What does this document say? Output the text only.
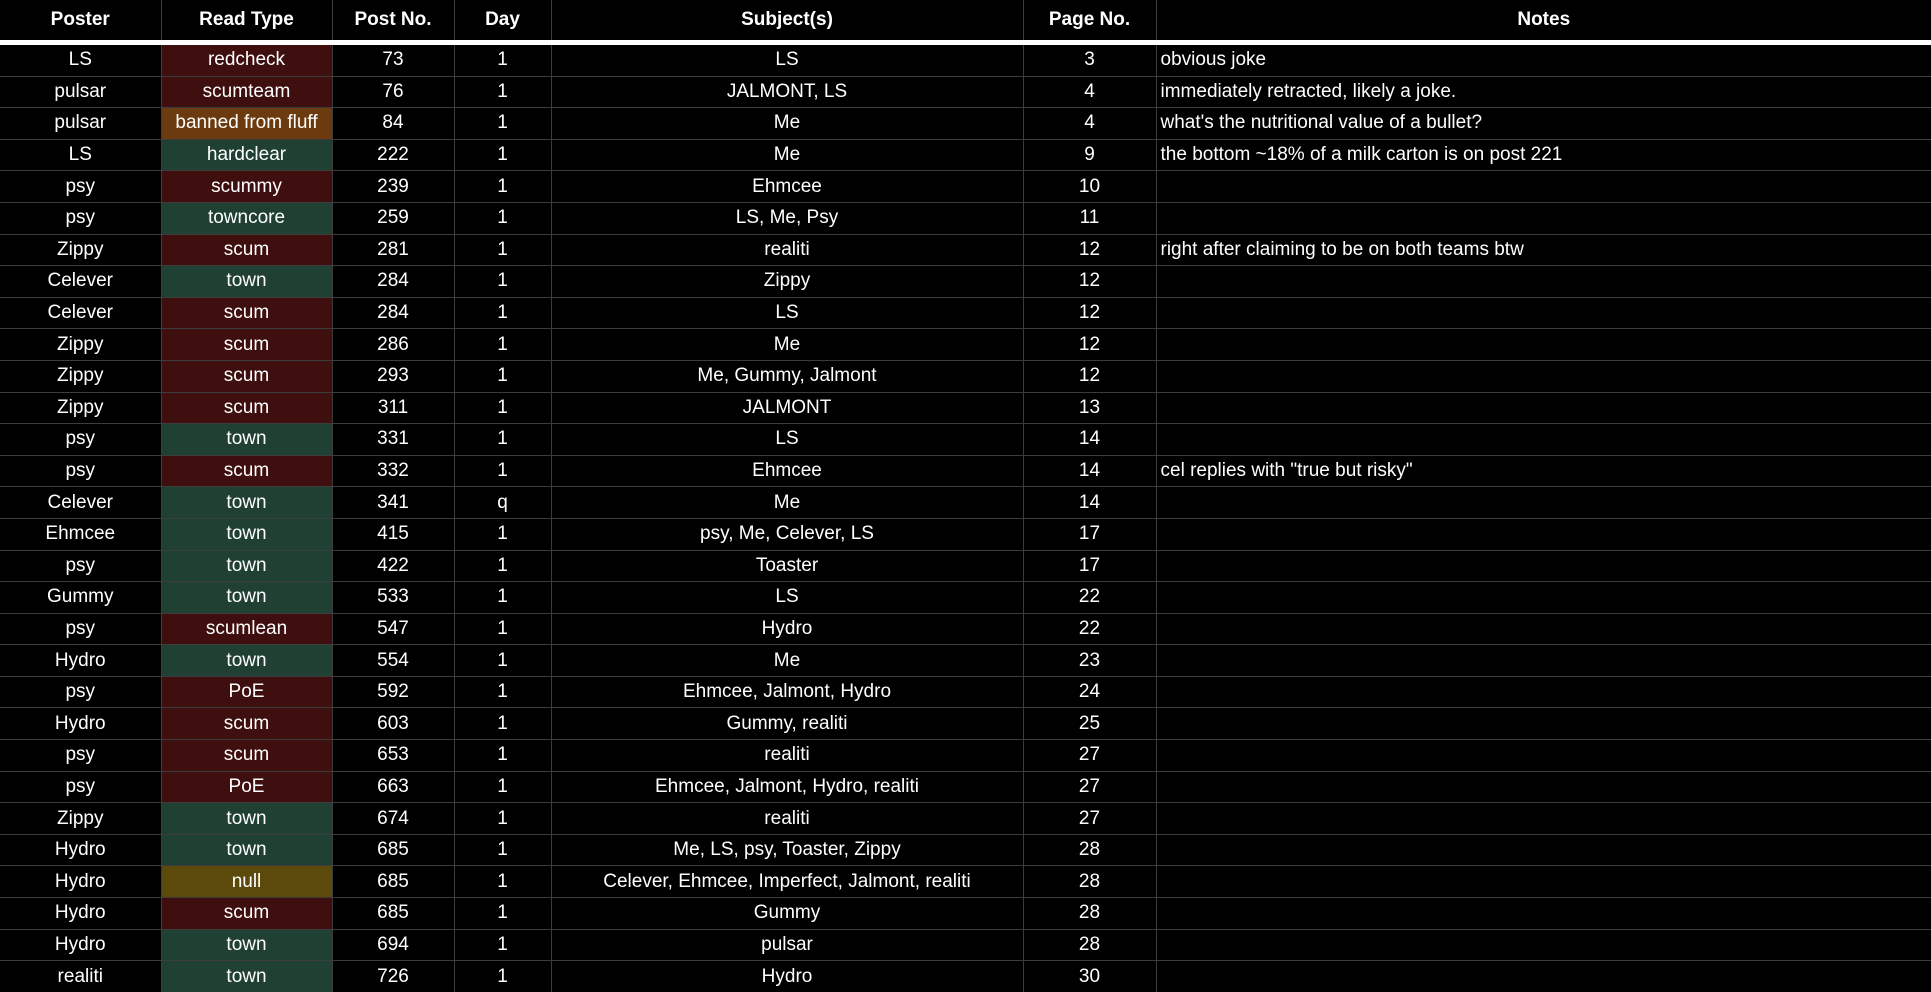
Poster	Read Type	Post No.	Day	Subject(s)	Page No.	Notes
LS	redcheck	73	1	LS	3	obvious joke
pulsar	scumteam	76	1	JALMONT, LS	4	immediately retracted, likely a joke.
pulsar	banned from fluff	84	1	Me	4	what's the nutritional value of a bullet?
LS	hardclear	222	1	Me	9	the bottom ~18% of a milk carton is on post 221
psy	scummy	239	1	Ehmcee	10	
psy	towncore	259	1	LS, Me, Psy	11	
Zippy	scum	281	1	realiti	12	right after claiming to be on both teams btw
Celever	town	284	1	Zippy	12	
Celever	scum	284	1	LS	12	
Zippy	scum	286	1	Me	12	
Zippy	scum	293	1	Me, Gummy, Jalmont	12	
Zippy	scum	311	1	JALMONT	13	
psy	town	331	1	LS	14	
psy	scum	332	1	Ehmcee	14	cel replies with "true but risky"
Celever	town	341	q	Me	14	
Ehmcee	town	415	1	psy, Me, Celever, LS	17	
psy	town	422	1	Toaster	17	
Gummy	town	533	1	LS	22	
psy	scumlean	547	1	Hydro	22	
Hydro	town	554	1	Me	23	
psy	PoE	592	1	Ehmcee, Jalmont, Hydro	24	
Hydro	scum	603	1	Gummy, realiti	25	
psy	scum	653	1	realiti	27	
psy	PoE	663	1	Ehmcee, Jalmont, Hydro, realiti	27	
Zippy	town	674	1	realiti	27	
Hydro	town	685	1	Me, LS, psy, Toaster, Zippy	28	
Hydro	null	685	1	Celever, Ehmcee, Imperfect, Jalmont, realiti	28	
Hydro	scum	685	1	Gummy	28	
Hydro	town	694	1	pulsar	28	
realiti	town	726	1	Hydro	30	
